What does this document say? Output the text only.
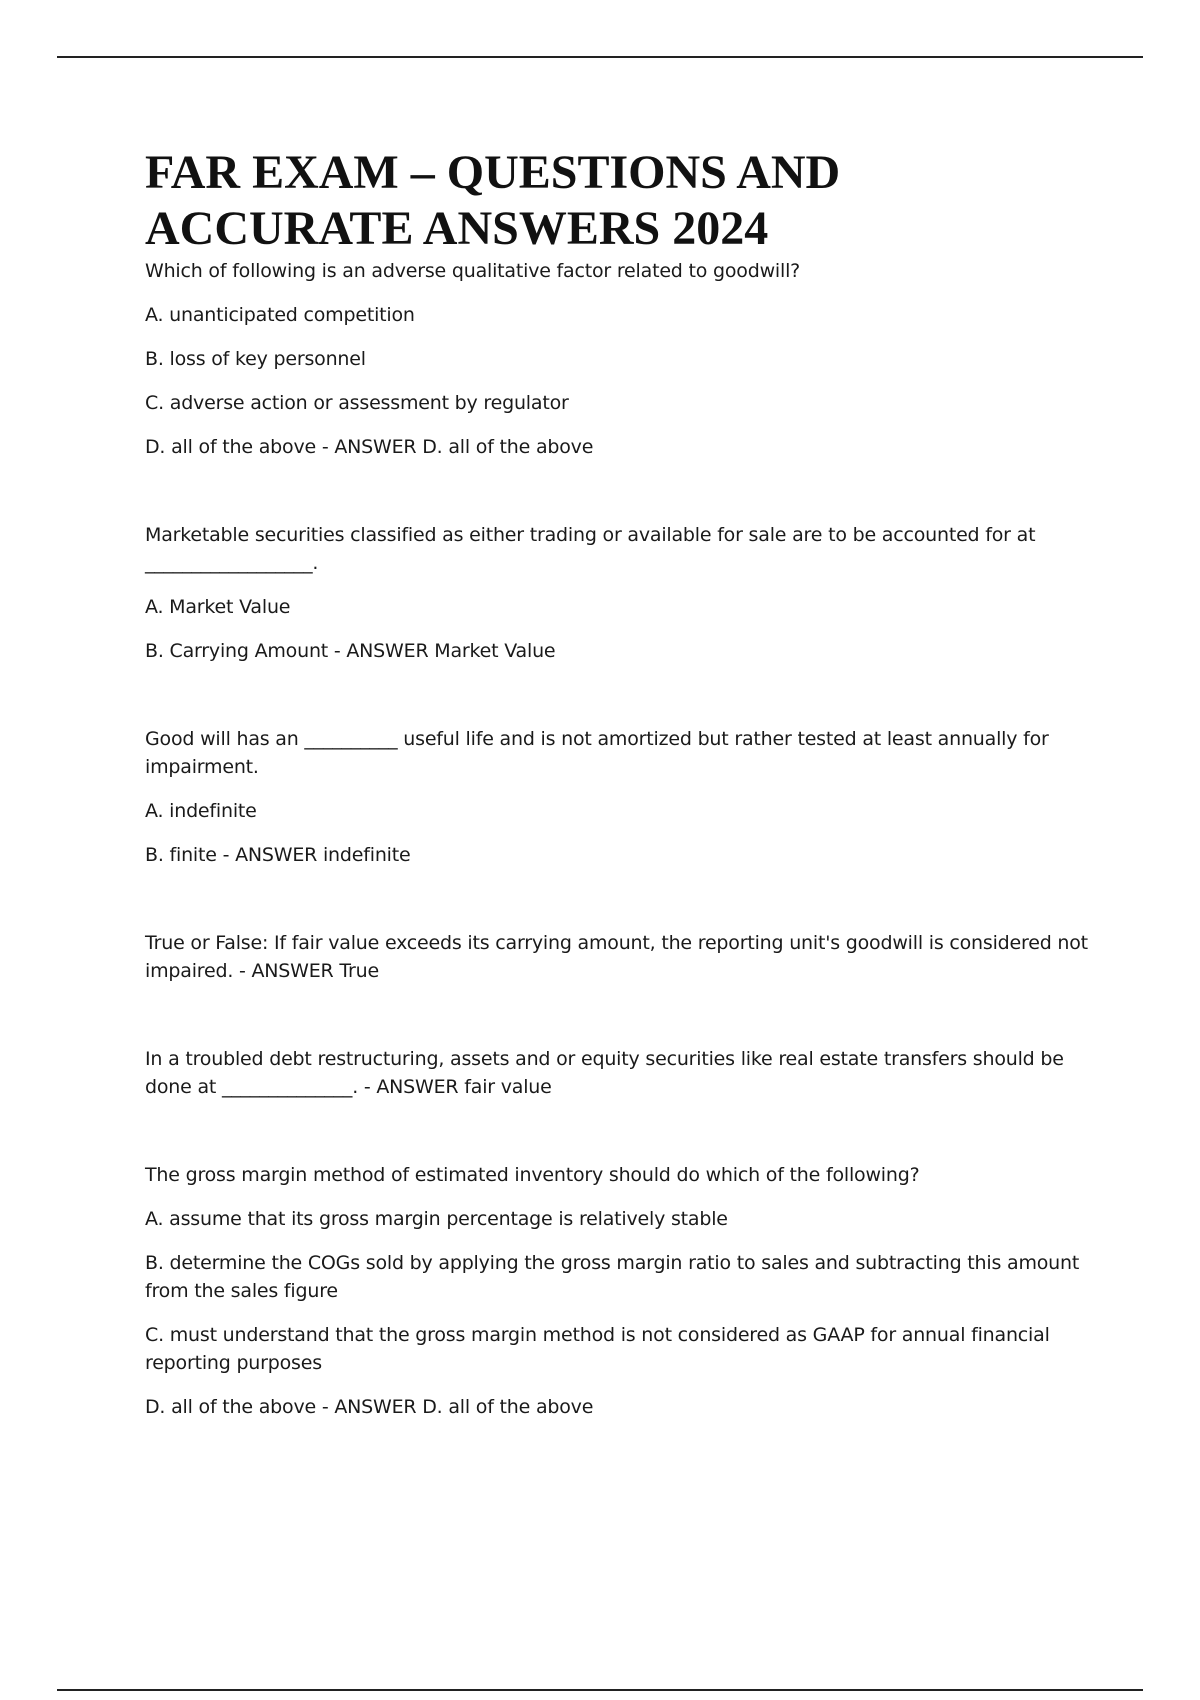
FAR EXAM – QUESTIONS AND
ACCURATE ANSWERS 2024

Which of following is an adverse qualitative factor related to goodwill?

A. unanticipated competition

B. loss of key personnel

C. adverse action or assessment by regulator

D. all of the above - ANSWER D. all of the above

Marketable securities classified as either trading or available for sale are to be accounted for at __________________.

A. Market Value

B. Carrying Amount - ANSWER Market Value

Good will has an __________ useful life and is not amortized but rather tested at least annually for impairment.

A. indefinite

B. finite - ANSWER indefinite

True or False: If fair value exceeds its carrying amount, the reporting unit's goodwill is considered not impaired. - ANSWER True

In a troubled debt restructuring, assets and or equity securities like real estate transfers should be done at ______________. - ANSWER fair value

The gross margin method of estimated inventory should do which of the following?

A. assume that its gross margin percentage is relatively stable

B. determine the COGs sold by applying the gross margin ratio to sales and subtracting this amount from the sales figure

C. must understand that the gross margin method is not considered as GAAP for annual financial reporting purposes

D. all of the above - ANSWER D. all of the above
